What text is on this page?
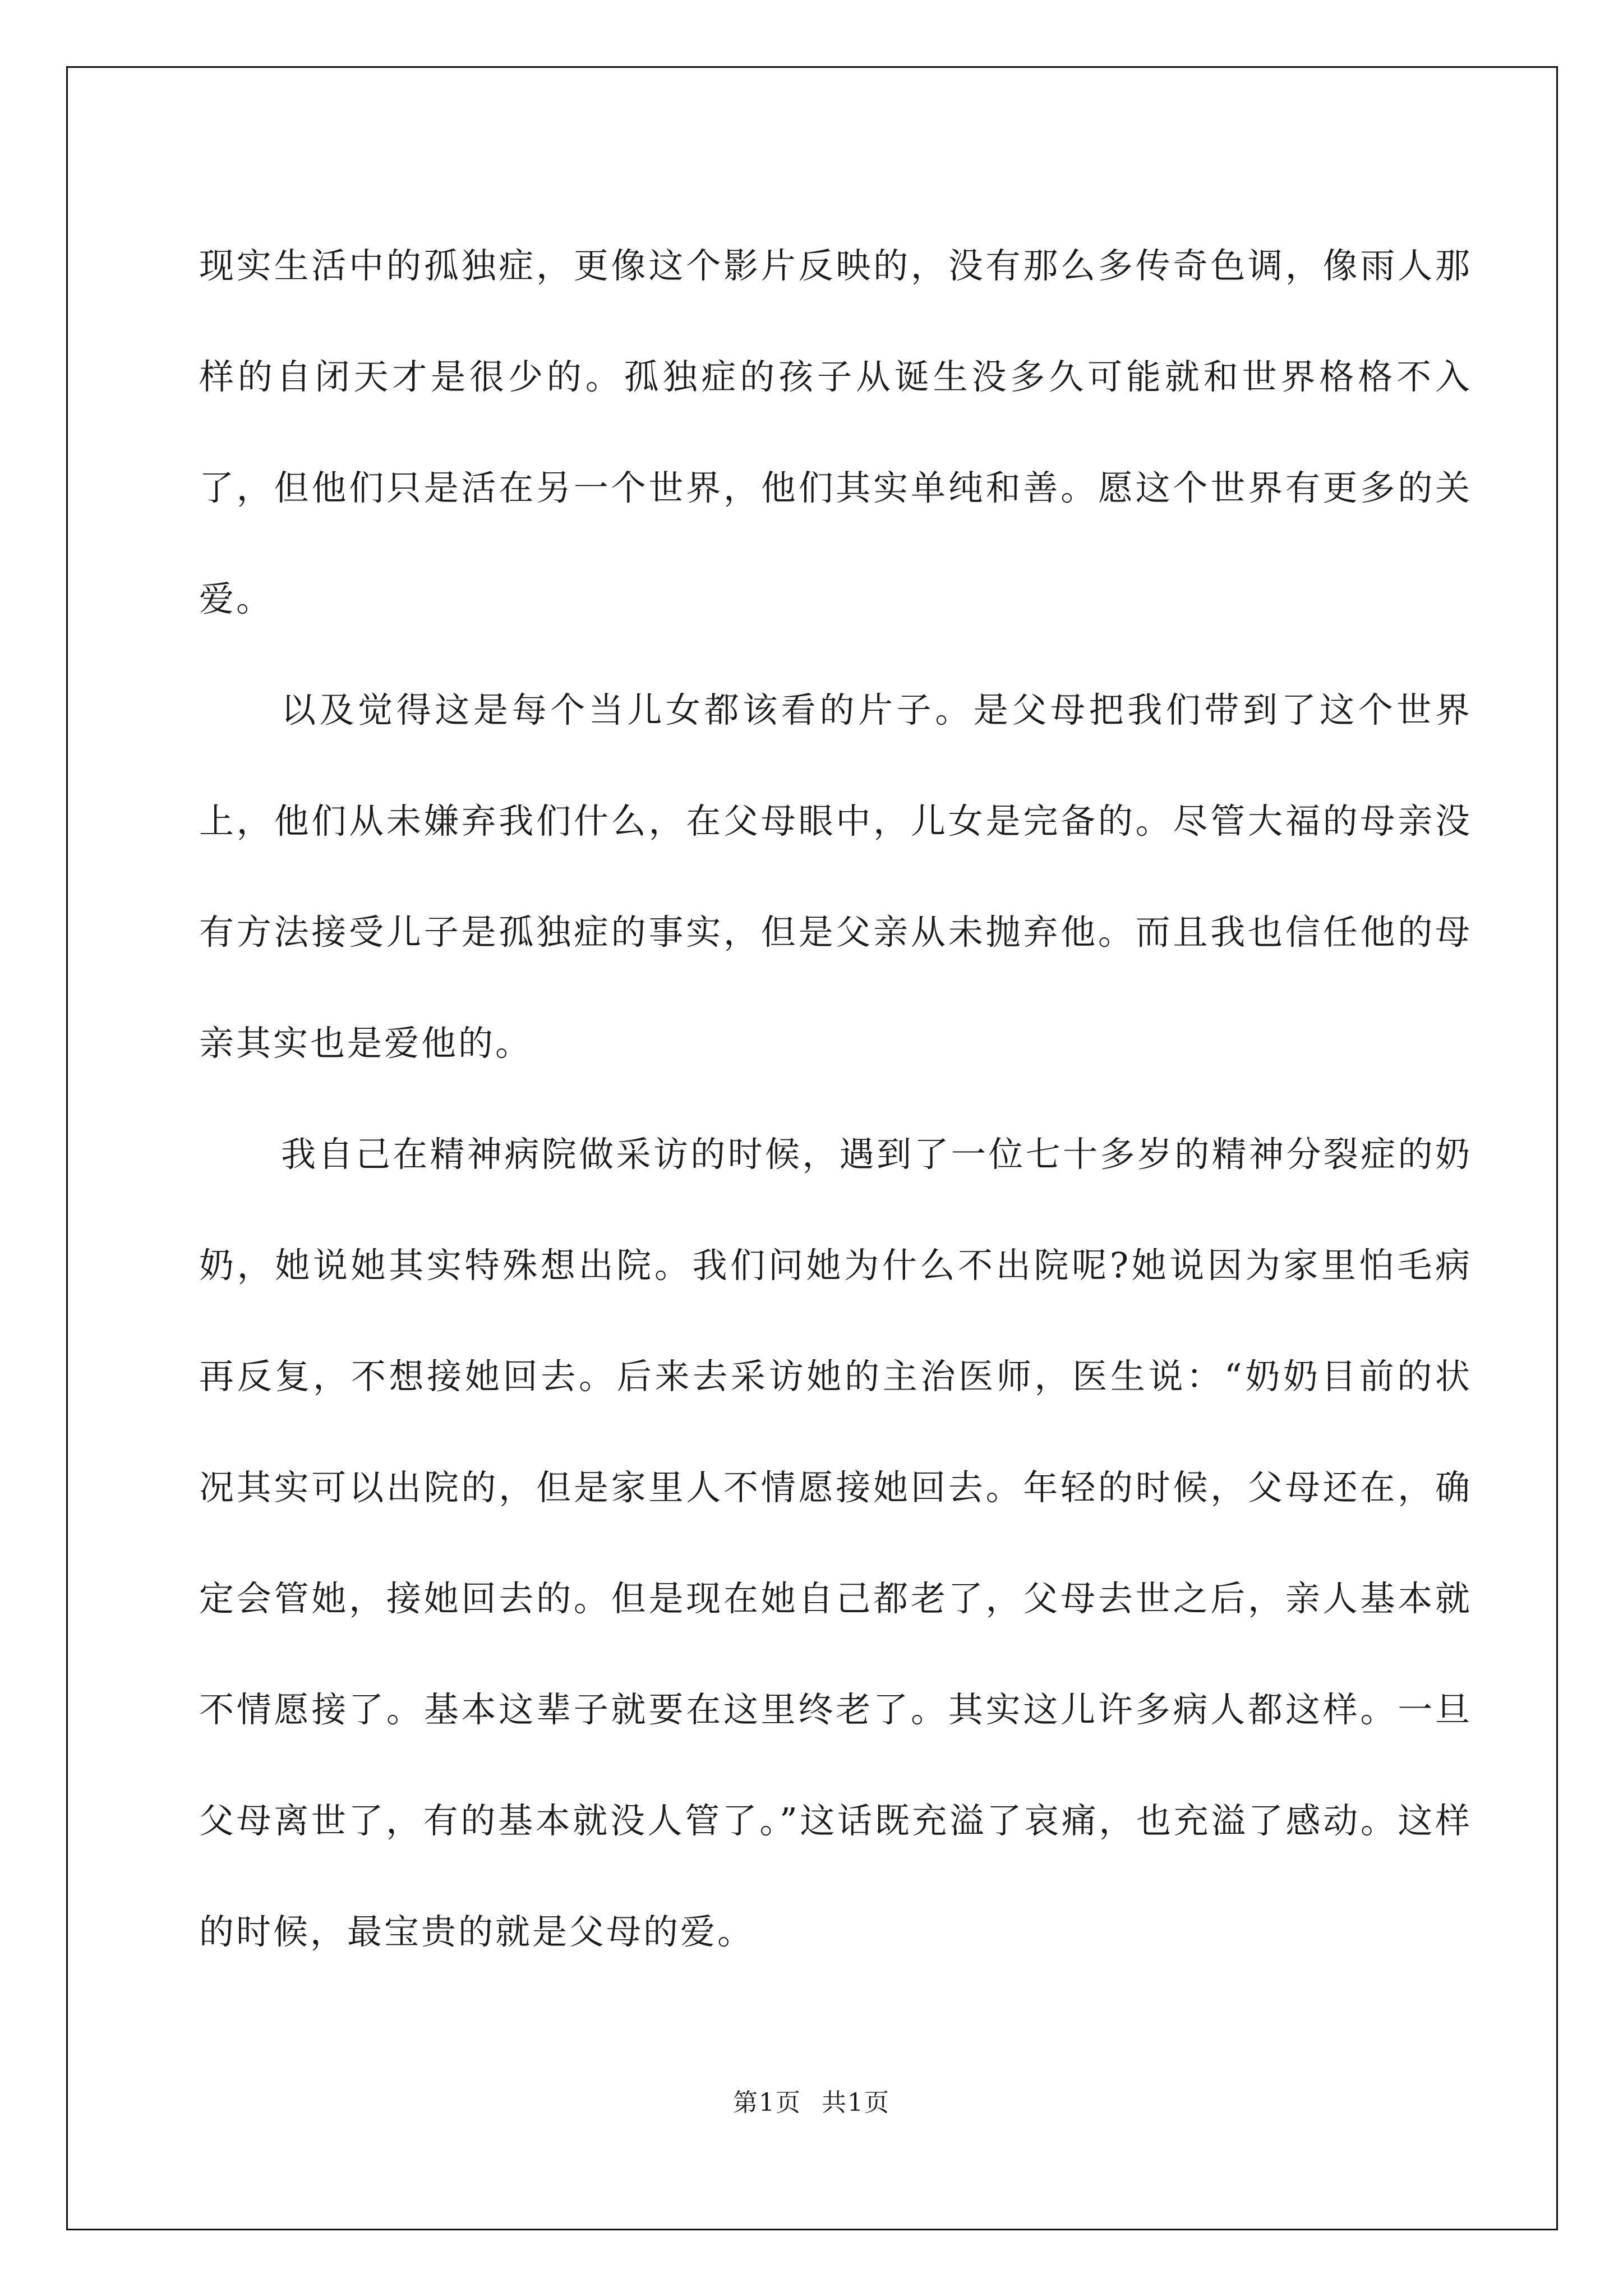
现实生活中的孤独症，更像这个影片反映的，没有那么多传奇色调，像雨人那样的自闭天才是很少的。孤独症的孩子从诞生没多久可能就和世界格格不入了，但他们只是活在另一个世界，他们其实单纯和善。愿这个世界有更多的关爱。

以及觉得这是每个当儿女都该看的片子。是父母把我们带到了这个世界上，他们从未嫌弃我们什么，在父母眼中，儿女是完备的。尽管大福的母亲没有方法接受儿子是孤独症的事实，但是父亲从未抛弃他。而且我也信任他的母亲其实也是爱他的。

我自己在精神病院做采访的时候，遇到了一位七十多岁的精神分裂症的奶奶，她说她其实特殊想出院。我们问她为什么不出院呢?她说因为家里怕毛病再反复，不想接她回去。后来去采访她的主治医师，医生说：“奶奶目前的状况其实可以出院的，但是家里人不情愿接她回去。年轻的时候，父母还在，确定会管她，接她回去的。但是现在她自己都老了，父母去世之后，亲人基本就不情愿接了。基本这辈子就要在这里终老了。其实这儿许多病人都这样。一旦父母离世了，有的基本就没人管了。”这话既充溢了哀痛，也充溢了感动。这样的时候，最宝贵的就是父母的爱。

第1页 共1页
